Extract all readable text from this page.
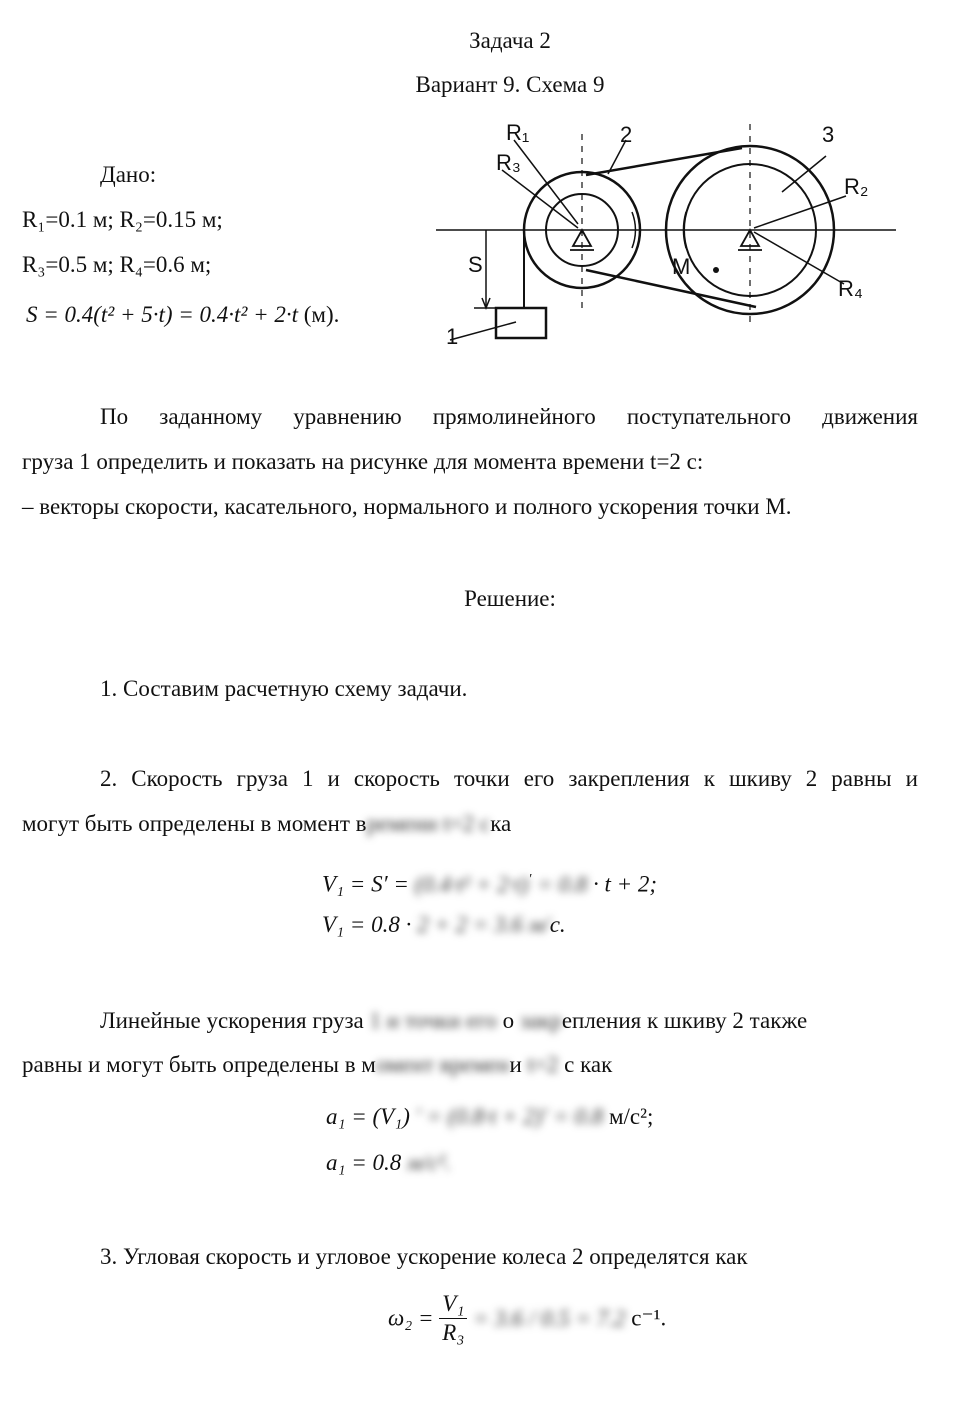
Задача 2
Вариант 9. Схема 9
Дано:
R₁=0.1 м; R₂=0.15 м;
R₃=0.5 м; R₄=0.6 м;
S = 0.4(t² + 5·t) = 0.4·t² + 2·t (м).
R₁
R₃
2	3
R₂
R₄
S	M
1
По заданному уравнению прямолинейного поступательного движения
груза 1 определить и показать на рисунке для момента времени t=2 с:
– векторы скорости, касательного, нормального и полного ускорения точки М.
Решение:
1. Составим расчетную схему задачи.
2. Скорость груза 1 и скорость точки его закрепления к шкиву 2 равны и
могут быть определены в момент времени t=2 ска
V₁ = S′ = (0.4·t² + 2·t)′ = 0.8 · t + 2;
V₁ = 0.8 · 2 + 2 = 3.6 м/с.
Линейные ускорения груза 1 и точки его о закрепления к шкиву 2 также
равны и могут быть определены в момент времени t=2 с как
a₁ = (V₁) ′ = (0.8·t + 2)′ = 0.8 м/с²;
a₁ = 0.8 м/с².
3. Угловая скорость и угловое ускорение колеса 2 определятся как
$\omega_2 = \frac{\text{V₁}}{\text{R₃}} = 3.6 / 0.5 = 7.2$ с⁻¹.
